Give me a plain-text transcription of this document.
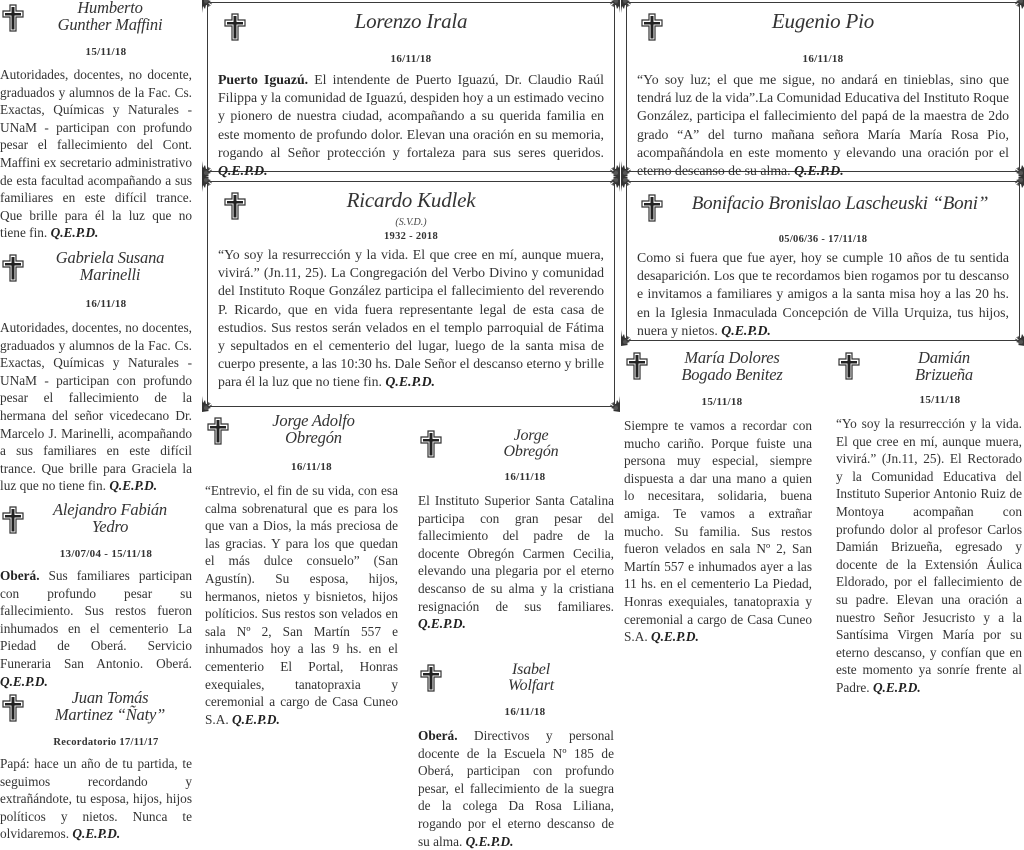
Humberto
Gunther Maffini
15/11/18
Autoridades, docentes, no docente, graduados y alumnos de la Fac. Cs. Exactas, Químicas y Naturales - UNaM - participan con profundo pesar el fallecimiento del Cont. Maffini ex secretario administrativo de esta facultad acompañando a sus familiares en este difícil trance. Que brille para él la luz que no tiene fin. Q.E.P.D.
Gabriela Susana
Marinelli
16/11/18
Autoridades, docentes, no docentes, graduados y alumnos de la Fac. Cs. Exactas, Químicas y Naturales - UNaM - participan con profundo pesar el fallecimiento de la hermana del señor vicedecano Dr. Marcelo J. Marinelli, acompañando a sus familiares en este difícil trance. Que brille para Graciela la luz que no tiene fin. Q.E.P.D.
Alejandro Fabián
Yedro
13/07/04 - 15/11/18
Oberá. Sus familiares participan con profundo pesar su fallecimiento. Sus restos fueron inhumados en el cementerio La Piedad de Oberá. Servicio Funeraria San Antonio. Oberá. Q.E.P.D.
Juan Tomás
Martinez “Ñaty”
Recordatorio 17/11/17
Papá: hace un año de tu partida, te seguimos recordando y extrañándote, tu esposa, hijos, hijos políticos y nietos. Nunca te olvidaremos. Q.E.P.D.
Lorenzo Irala
16/11/18
Puerto Iguazú. El intendente de Puerto Iguazú, Dr. Claudio Raúl Filippa y la comunidad de Iguazú, despiden hoy a un estimado vecino y pionero de nuestra ciudad, acompañando a su querida familia en este momento de profundo dolor. Elevan una oración en su memoria, rogando al Señor protección y fortaleza para sus seres queridos. Q.E.P.D.
Ricardo Kudlek
(S.V.D.)
1932 - 2018
“Yo soy la resurrección y la vida. El que cree en mí, aunque muera, vivirá.” (Jn.11, 25). La Congregación del Verbo Divino y comunidad del Instituto Roque González participa el fallecimiento del reverendo P. Ricardo, que en vida fuera representante legal de esta casa de estudios. Sus restos serán velados en el templo parroquial de Fátima y sepultados en el cementerio del lugar, luego de la santa misa de cuerpo presente, a las 10:30 hs. Dale Señor el descanso eterno y brille para él la luz que no tiene fin. Q.E.P.D.
Jorge Adolfo
Obregón
16/11/18
“Entrevio, el fin de su vida, con esa calma sobrenatural que es para los que van a Dios, la más preciosa de las gracias. Y para los que quedan el más dulce consuelo” (San Agustín). Su esposa, hijos, hermanos, nietos y bisnietos, hijos políticios. Sus restos son velados en sala Nº 2, San Martín 557 e inhumados hoy a las 9 hs. en el cementerio El Portal, Honras exequiales, tanatopraxia y ceremonial a cargo de Casa Cuneo S.A. Q.E.P.D.
Jorge
Obregón
16/11/18
El Instituto Superior Santa Catalina participa con gran pesar del fallecimiento del padre de la docente Obregón Carmen Cecilia, elevando una plegaria por el eterno descanso de su alma y la cristiana resignación de sus familiares. Q.E.P.D.
Isabel
Wolfart
16/11/18
Oberá. Directivos y personal docente de la Escuela Nº 185 de Oberá, participan con profundo pesar, el fallecimiento de la suegra de la colega Da Rosa Liliana, rogando por el eterno descanso de su alma. Q.E.P.D.
Eugenio Pio
16/11/18
“Yo soy luz; el que me sigue, no andará en tinieblas, sino que tendrá luz de la vida”.La Comunidad Educativa del Instituto Roque González, participa el fallecimiento del papá de la maestra de 2do grado “A” del turno mañana señora María María Rosa Pio, acompañándola en este momento y elevando una oración por el eterno descanso de su alma. Q.E.P.D.
Bonifacio Bronislao Lascheuski “Boni”
05/06/36 - 17/11/18
Como si fuera que fue ayer, hoy se cumple 10 años de tu sentida desaparición. Los que te recordamos bien rogamos por tu descanso e invitamos a familiares y amigos a la santa misa hoy a las 20 hs. en la Iglesia Inmaculada Concepción de Villa Urquiza, tus hijos, nuera y nietos. Q.E.P.D.
María Dolores
Bogado Benitez
15/11/18
Siempre te vamos a recordar con mucho cariño. Porque fuiste una persona muy especial, siempre dispuesta a dar una mano a quien lo necesitara, solidaria, buena amiga. Te vamos a extrañar mucho. Su familia. Sus restos fueron velados en sala Nº 2, San Martín 557 e inhumados ayer a las 11 hs. en el cementerio La Piedad, Honras exequiales, tanatopraxia y ceremonial a cargo de Casa Cuneo S.A. Q.E.P.D.
Damián
Brizueña
15/11/18
“Yo soy la resurrección y la vida. El que cree en mí, aunque muera, vivirá.” (Jn.11, 25). El Rectorado y la Comunidad Educativa del Instituto Superior Antonio Ruiz de Montoya acompañan con profundo dolor al profesor Carlos Damián Brizueña, egresado y docente de la Extensión Áulica Eldorado, por el fallecimiento de su padre. Elevan una oración a nuestro Señor Jesucristo y a la Santísima Virgen María por su eterno descanso, y confían que en este momento ya sonríe frente al Padre. Q.E.P.D.
